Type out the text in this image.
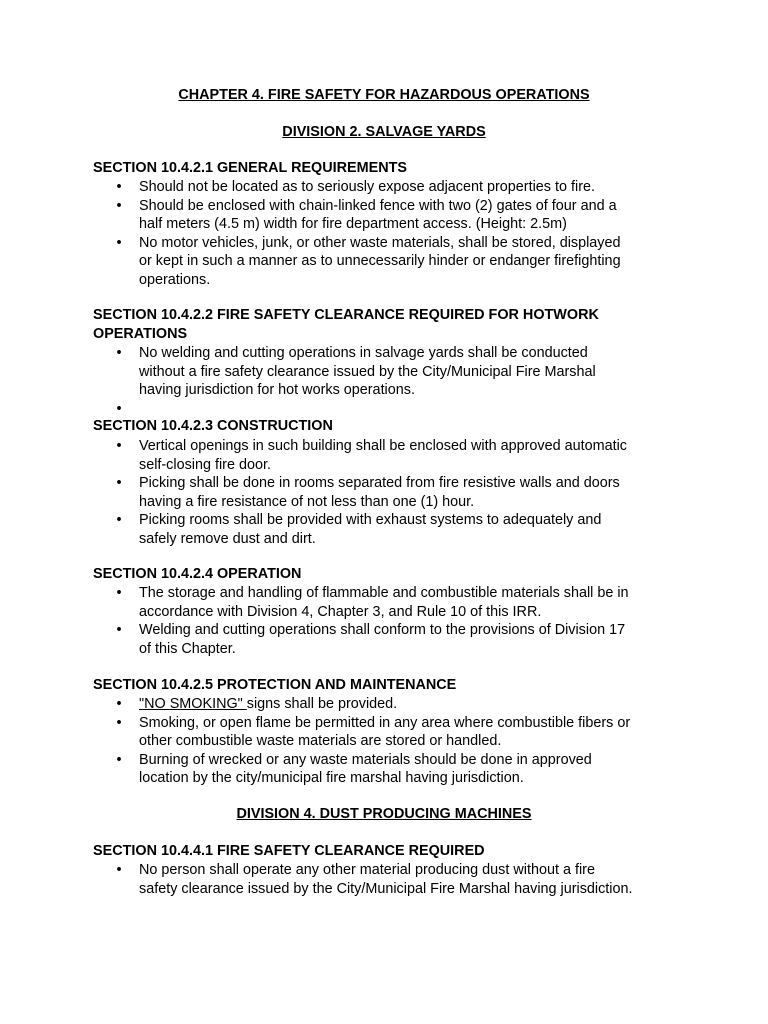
CHAPTER 4. FIRE SAFETY FOR HAZARDOUS OPERATIONS
DIVISION 2. SALVAGE YARDS
SECTION 10.4.2.1 GENERAL REQUIREMENTS
• Should not be located as to seriously expose adjacent properties to fire.
• Should be enclosed with chain-linked fence with two (2) gates of four and a
half meters (4.5 m) width for fire department access. (Height: 2.5m)
• No motor vehicles, junk, or other waste materials, shall be stored, displayed
or kept in such a manner as to unnecessarily hinder or endanger firefighting
operations.
SECTION 10.4.2.2 FIRE SAFETY CLEARANCE REQUIRED FOR HOTWORK
OPERATIONS
• No welding and cutting operations in salvage yards shall be conducted
without a fire safety clearance issued by the City/Municipal Fire Marshal
having jurisdiction for hot works operations.
•
SECTION 10.4.2.3 CONSTRUCTION
• Vertical openings in such building shall be enclosed with approved automatic
self-closing fire door.
• Picking shall be done in rooms separated from fire resistive walls and doors
having a fire resistance of not less than one (1) hour.
• Picking rooms shall be provided with exhaust systems to adequately and
safely remove dust and dirt.
SECTION 10.4.2.4 OPERATION
• The storage and handling of flammable and combustible materials shall be in
accordance with Division 4, Chapter 3, and Rule 10 of this IRR.
• Welding and cutting operations shall conform to the provisions of Division 17
of this Chapter.
SECTION 10.4.2.5 PROTECTION AND MAINTENANCE
• "NO SMOKING" signs shall be provided.
• Smoking, or open flame be permitted in any area where combustible fibers or
other combustible waste materials are stored or handled.
• Burning of wrecked or any waste materials should be done in approved
location by the city/municipal fire marshal having jurisdiction.
DIVISION 4. DUST PRODUCING MACHINES
SECTION 10.4.4.1 FIRE SAFETY CLEARANCE REQUIRED
• No person shall operate any other material producing dust without a fire
safety clearance issued by the City/Municipal Fire Marshal having jurisdiction.
